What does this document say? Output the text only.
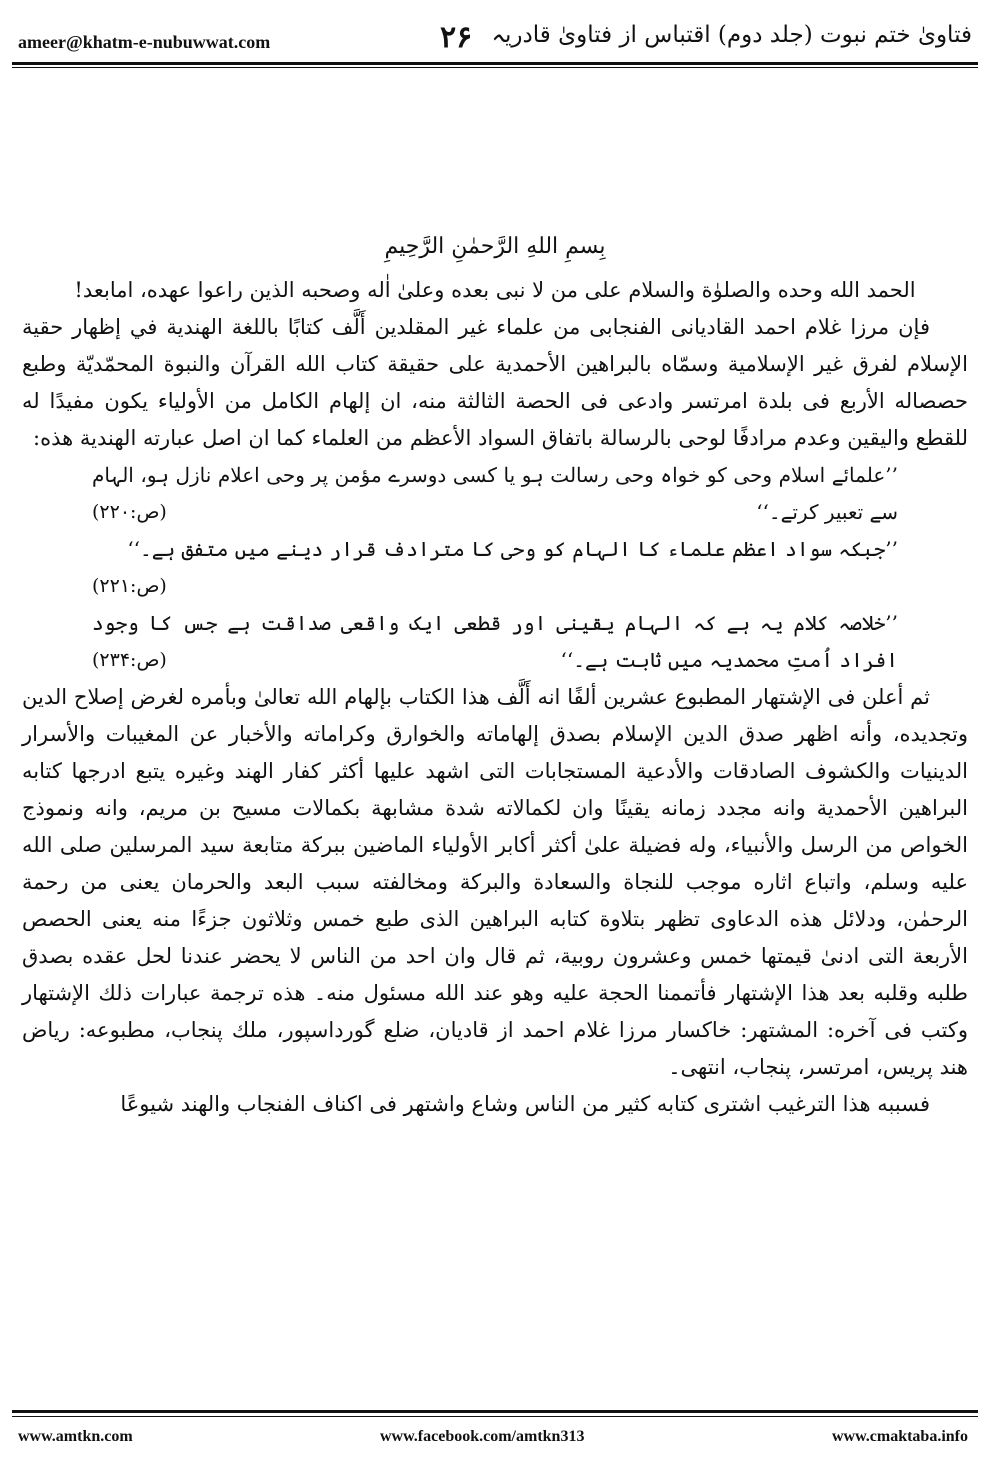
ameer@khatm-e-nubuwwat.com	۲۶ فتاویٰ ختم نبوت (جلد دوم) اقتباس از فتاویٰ قادریہ

بِسمِ اللهِ الرَّحمٰنِ الرَّحِيمِ

الحمد الله وحده والصلوٰة والسلام على من لا نبى بعده وعلىٰ اٰله وصحبه الذين راعوا عهده، امابعد!

فإن مرزا غلام احمد القاديانى الفنجابى من علماء غير المقلدين أَلَّف كتابًا باللغة الهندية في إظهار حقية الإسلام لفرق غير الإسلامية وسمّاه بالبراهين الأحمدية على حقيقة كتاب الله القرآن والنبوة المحمّديّة وطبع حصصاله الأربع فى بلدة امرتسر وادعى فى الحصة الثالثة منه، ان إلهام الكامل من الأولياء يكون مفيدًا له للقطع واليقين وعدم مرادفًا لوحى بالرسالة باتفاق السواد الأعظم من العلماء كما ان اصل عبارته الهندية هذه:

’’علمائے اسلام وحی کو خواہ وحی رسالت ہو یا کسی دوسرے مؤمن پر وحی اعلام نازل ہو، الہام سے تعبیر کرتے۔‘‘
(ص:۲۲۰)
’’جبکہ سواد اعظم علماء کا الہام کو وحی کا مترادف قرار دینے میں متفق ہے۔‘‘
(ص:۲۲۱)
’’خلاصہ کلام یہ ہے کہ الہام یقینی اور قطعی ایک واقعی صداقت ہے جس کا وجود افراد اُمتِ محمدیہ میں ثابت ہے۔‘‘
(ص:۲۳۴)

ثم أعلن فى الإشتهار المطبوع عشرين ألفًا انه أَلَّف هذا الكتاب بإلهام الله تعالىٰ وبأمره لغرض إصلاح الدين وتجديده، وأنه اظهر صدق الدين الإسلام بصدق إلهاماته والخوارق وكراماته والأخبار عن المغيبات والأسرار الدينيات والكشوف الصادقات والأدعية المستجابات التى اشهد عليها أكثر كفار الهند وغيره يتبع ادرجها كتابه البراهين الأحمدية وانه مجدد زمانه يقينًا وان لكمالاته شدة مشابهة بكمالات مسيح بن مريم، وانه ونموذج الخواص من الرسل والأنبياء، وله فضيلة علىٰ أكثر أكابر الأولياء الماضين ببركة متابعة سيد المرسلين صلى الله عليه وسلم، واتباع اثاره موجب للنجاة والسعادة والبركة ومخالفته سبب البعد والحرمان يعنى من رحمة الرحمٰن، ودلائل هذه الدعاوى تظهر بتلاوة كتابه البراهين الذى طبع خمس وثلاثون جزءًا منه يعنى الحصص الأربعة التى ادنىٰ قيمتها خمس وعشرون روبية، ثم قال وان احد من الناس لا يحضر عندنا لحل عقده بصدق طلبه وقلبه بعد هذا الإشتهار فأتممنا الحجة عليه وهو عند الله مسئول منه۔ هذه ترجمة عبارات ذلك الإشتهار وكتب فى آخره: المشتهر: خاكسار مرزا غلام احمد از قاديان، ضلع گورداسپور، ملك پنجاب، مطبوعه: رياض هند پريس، امرتسر، پنجاب، انتهى۔

فسببه هذا الترغيب اشترى كتابه كثير من الناس وشاع واشتهر فى اكناف الفنجاب والهند شيوعًا

www.amtkn.com	www.facebook.com/amtkn313	www.cmaktaba.info
